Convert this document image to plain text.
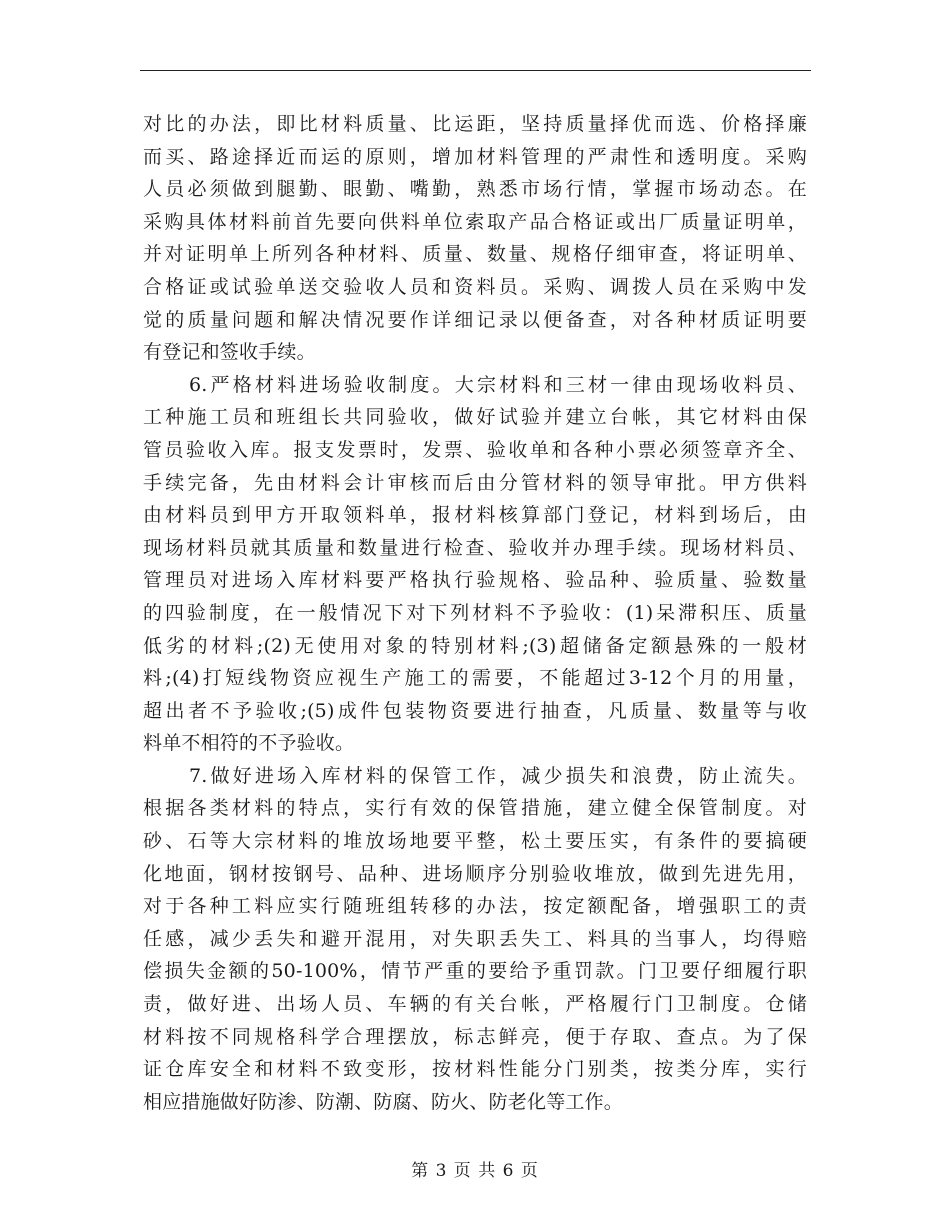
对比的办法，即比材料质量、比运距，坚持质量择优而选、价格择廉
而买、路途择近而运的原则，增加材料管理的严肃性和透明度。采购
人员必须做到腿勤、眼勤、嘴勤，熟悉市场行情，掌握市场动态。在
采购具体材料前首先要向供料单位索取产品合格证或出厂质量证明单，
并对证明单上所列各种材料、质量、数量、规格仔细审查，将证明单、
合格证或试验单送交验收人员和资料员。采购、调拨人员在采购中发
觉的质量问题和解决情况要作详细记录以便备查，对各种材质证明要
有登记和签收手续。
6.严格材料进场验收制度。大宗材料和三材一律由现场收料员、
工种施工员和班组长共同验收，做好试验并建立台帐，其它材料由保
管员验收入库。报支发票时，发票、验收单和各种小票必须签章齐全、
手续完备，先由材料会计审核而后由分管材料的领导审批。甲方供料
由材料员到甲方开取领料单，报材料核算部门登记，材料到场后，由
现场材料员就其质量和数量进行检查、验收并办理手续。现场材料员、
管理员对进场入库材料要严格执行验规格、验品种、验质量、验数量
的四验制度，在一般情况下对下列材料不予验收：(1)呆滞积压、质量
低劣的材料;(2)无使用对象的特别材料;(3)超储备定额悬殊的一般材
料;(4)打短线物资应视生产施工的需要，不能超过3-12个月的用量，
超出者不予验收;(5)成件包装物资要进行抽查，凡质量、数量等与收
料单不相符的不予验收。
7.做好进场入库材料的保管工作，减少损失和浪费，防止流失。
根据各类材料的特点，实行有效的保管措施，建立健全保管制度。对
砂、石等大宗材料的堆放场地要平整，松土要压实，有条件的要搞硬
化地面，钢材按钢号、品种、进场顺序分别验收堆放，做到先进先用，
对于各种工料应实行随班组转移的办法，按定额配备，增强职工的责
任感，减少丢失和避开混用，对失职丢失工、料具的当事人，均得赔
偿损失金额的50-100%，情节严重的要给予重罚款。门卫要仔细履行职
责，做好进、出场人员、车辆的有关台帐，严格履行门卫制度。仓储
材料按不同规格科学合理摆放，标志鲜亮，便于存取、查点。为了保
证仓库安全和材料不致变形，按材料性能分门别类，按类分库，实行
相应措施做好防渗、防潮、防腐、防火、防老化等工作。
第 3 页 共 6 页
